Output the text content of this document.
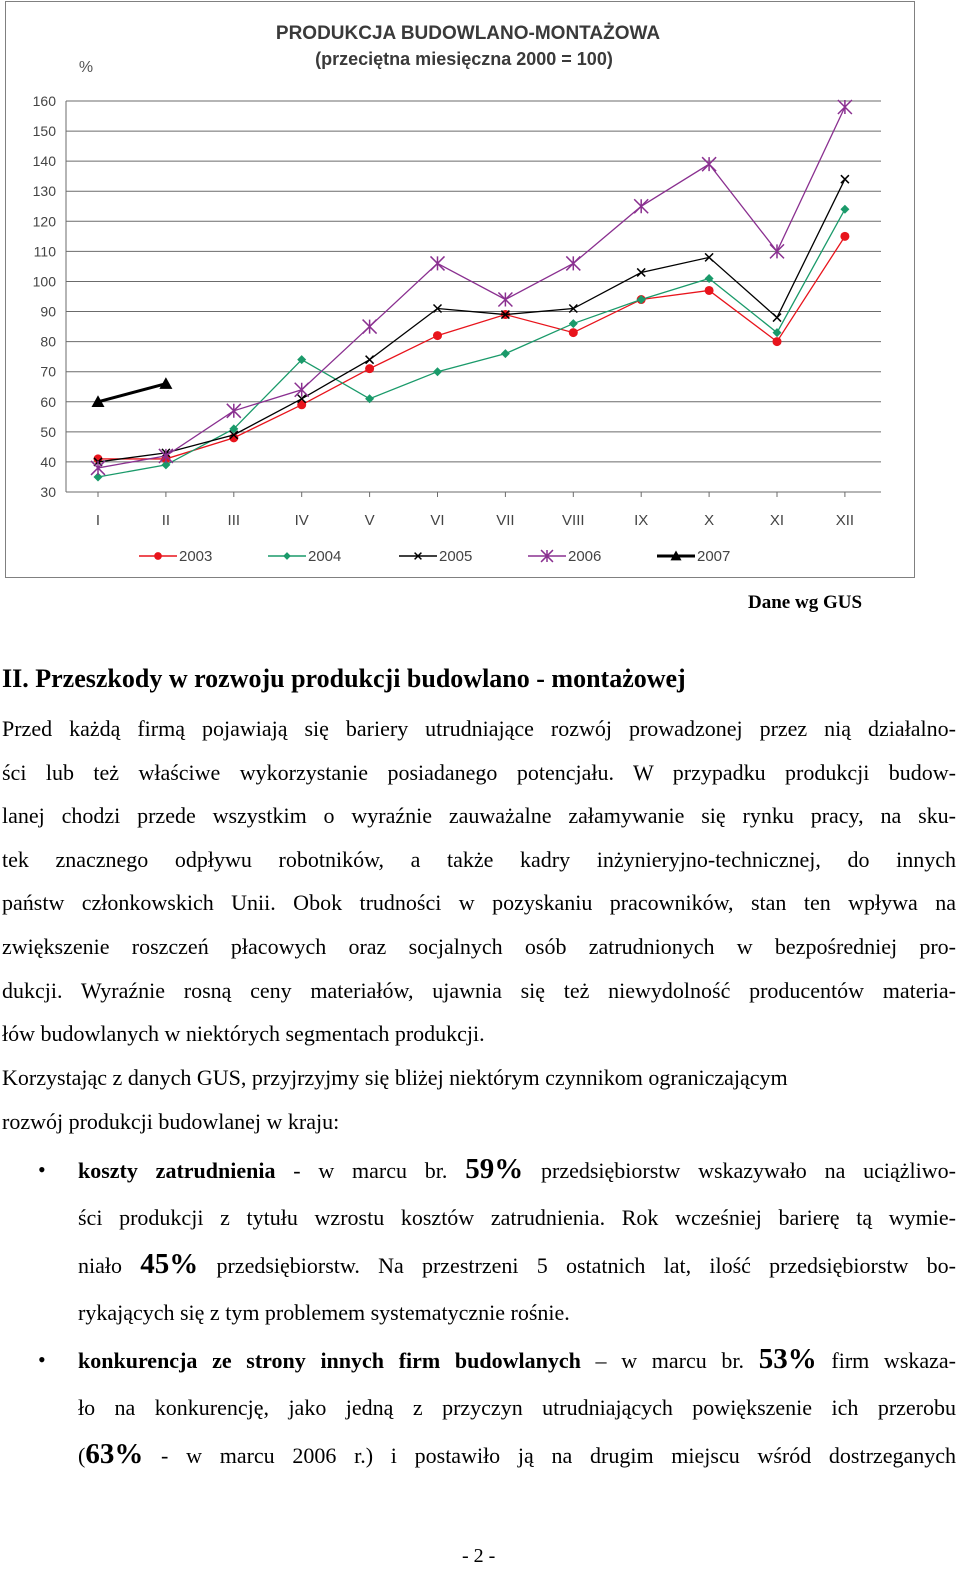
PRODUKCJA BUDOWLANO-MONTAŻOWA
(przeciętna miesięczna 2000 = 100)
%
30
40
50
60
70
80
90
100
110
120
130
140
150
160
I	II	III	IV	V	VI	VII	VIII	IX	X	XI	XII
2003	2004	2005	2006	2007
Dane wg GUS
II. Przeszkody w rozwoju produkcji budowlano - montażowej
Przed każdą firmą pojawiają się bariery utrudniające rozwój prowadzonej przez nią działalno-
ści lub też właściwe wykorzystanie posiadanego potencjału. W przypadku produkcji budow-
lanej chodzi przede wszystkim o wyraźnie zauważalne załamywanie się rynku pracy, na sku-
tek znacznego odpływu robotników, a także kadry inżynieryjno-technicznej, do innych
państw członkowskich Unii. Obok trudności w pozyskaniu pracowników, stan ten wpływa na
zwiększenie roszczeń płacowych oraz socjalnych osób zatrudnionych w bezpośredniej pro-
dukcji. Wyraźnie rosną ceny materiałów, ujawnia się też niewydolność producentów materia-
łów budowlanych w niektórych segmentach produkcji.
Korzystając z danych GUS, przyjrzyjmy się bliżej niektórym czynnikom ograniczającym
rozwój produkcji budowlanej w kraju:
• koszty zatrudnienia - w marcu br. 59% przedsiębiorstw wskazywało na uciążliwo-
ści produkcji z tytułu wzrostu kosztów zatrudnienia. Rok wcześniej barierę tą wymie-
niało 45% przedsiębiorstw. Na przestrzeni 5 ostatnich lat, ilość przedsiębiorstw bo-
rykających się z tym problemem systematycznie rośnie.
• konkurencja ze strony innych firm budowlanych – w marcu br. 53% firm wskaza-
ło na konkurencję, jako jedną z przyczyn utrudniających powiększenie ich przerobu
(63% - w marcu 2006 r.) i postawiło ją na drugim miejscu wśród dostrzeganych
- 2 -
